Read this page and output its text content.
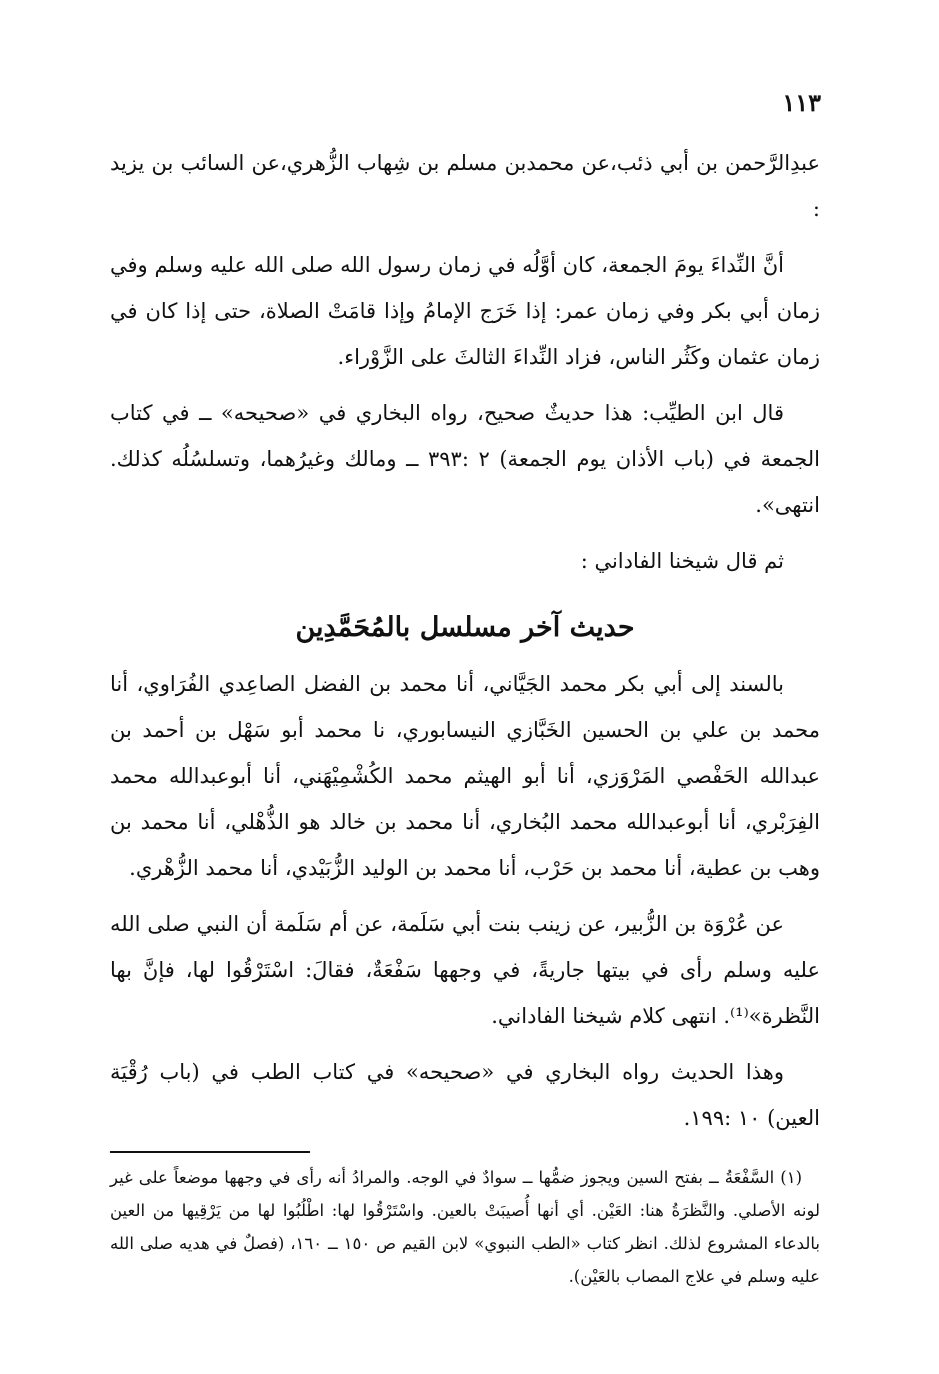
١١٣

عبدِالرَّحمن بن أبي ذئب،عن محمدبن مسلم بن شِهاب الزُّهري،عن السائب بن يزيد :

أنَّ النِّداءَ يومَ الجمعة، كان أوَّلُه في زمان رسول الله صلى الله عليه وسلم وفي زمان أبي بكر وفي زمان عمر: إذا خَرَج الإمامُ وإذا قامَتْ الصلاة، حتى إذا كان في زمان عثمان وكَثُر الناس، فزاد النِّداءَ الثالثَ على الزَّوْراء.

قال ابن الطيِّب: هذا حديثٌ صحيح، رواه البخاري في «صحيحه» ــ في كتاب الجمعة في (باب الأذان يوم الجمعة) ٢ :٣٩٣ ــ ومالك وغيرُهما، وتسلسُلُه كذلك. انتهى».

ثم قال شيخنا الفاداني :

حديث آخر مسلسل بالمُحَمَّدِين

بالسند إلى أبي بكر محمد الجَيَّاني، أنا محمد بن الفضل الصاعِدي الفُرَاوي، أنا محمد بن علي بن الحسين الخَبَّازي النيسابوري، نا محمد أبو سَهْل بن أحمد بن عبدالله الحَفْصي المَرْوَزي، أنا أبو الهيثم محمد الكُشْمِيْهَني، أنا أبوعبدالله محمد الفِرَبْري، أنا أبوعبدالله محمد البُخاري، أنا محمد بن خالد هو الذُّهْلي، أنا محمد بن وهب بن عطية، أنا محمد بن حَرْب، أنا محمد بن الوليد الزُّبَيْدي، أنا محمد الزُّهْري.

عن عُرْوَة بن الزُّبير، عن زينب بنت أبي سَلَمة، عن أم سَلَمة أن النبي صلى الله عليه وسلم رأى في بيتها جاريةً، في وجهها سَفْعَةٌ، فقالَ: اسْتَرْقُوا لها، فإنَّ بها النَّظرة»⁽¹⁾. انتهى كلام شيخنا الفاداني.

وهذا الحديث رواه البخاري في «صحيحه» في كتاب الطب في (باب رُقْيَة العين) ١٠ :١٩٩.

(١) السَّفْعَةُ ــ بفتح السين ويجوز ضمُّها ــ سوادٌ في الوجه. والمرادُ أنه رأى في وجهها موضعاً على غير لونه الأصلي. والنَّظرَةُ هنا: العَيْن. أي أنها أُصيبَتْ بالعين. واسْتَرْقُوا لها: اطْلُبُوا لها من يَرْقِيها من العين بالدعاء المشروع لذلك. انظر كتاب «الطب النبوي» لابن القيم ص ١٥٠ ــ ١٦٠، (فصلٌ في هديه صلى الله عليه وسلم في علاج المصاب بالعَيْن).
